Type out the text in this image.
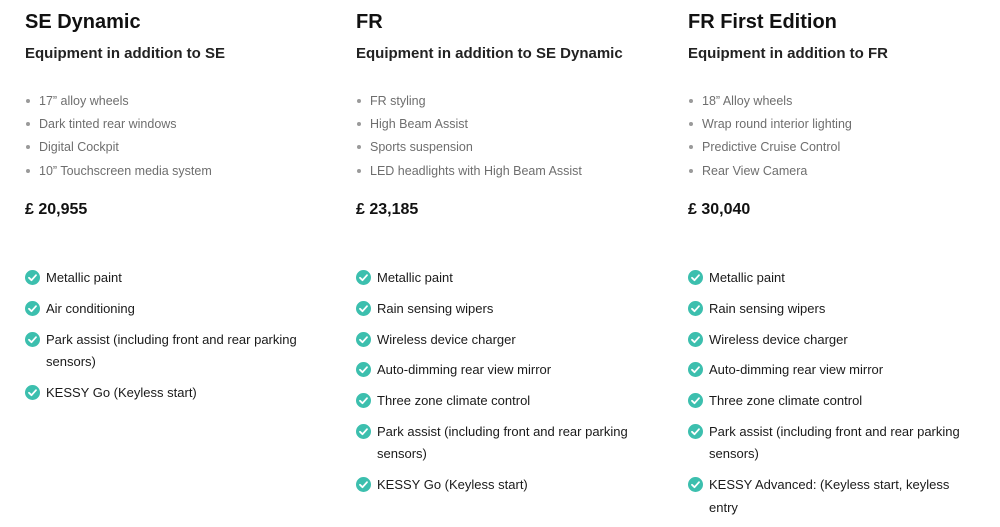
SE Dynamic
Equipment in addition to SE
17” alloy wheels
Dark tinted rear windows
Digital Cockpit
10” Touchscreen media system

£ 20,955

Metallic paint
Air conditioning
Park assist (including front and rear parking sensors)
KESSY Go (Keyless start)
FR
Equipment in addition to SE Dynamic
FR styling
High Beam Assist
Sports suspension
LED headlights with High Beam Assist

£ 23,185

Metallic paint
Rain sensing wipers
Wireless device charger
Auto-dimming rear view mirror
Three zone climate control
Park assist (including front and rear parking sensors)
KESSY Go (Keyless start)
FR First Edition
Equipment in addition to FR
18” Alloy wheels
Wrap round interior lighting
Predictive Cruise Control
Rear View Camera

£ 30,040

Metallic paint
Rain sensing wipers
Wireless device charger
Auto-dimming rear view mirror
Three zone climate control
Park assist (including front and rear parking sensors)
KESSY Advanced: (Keyless start, keyless entry
